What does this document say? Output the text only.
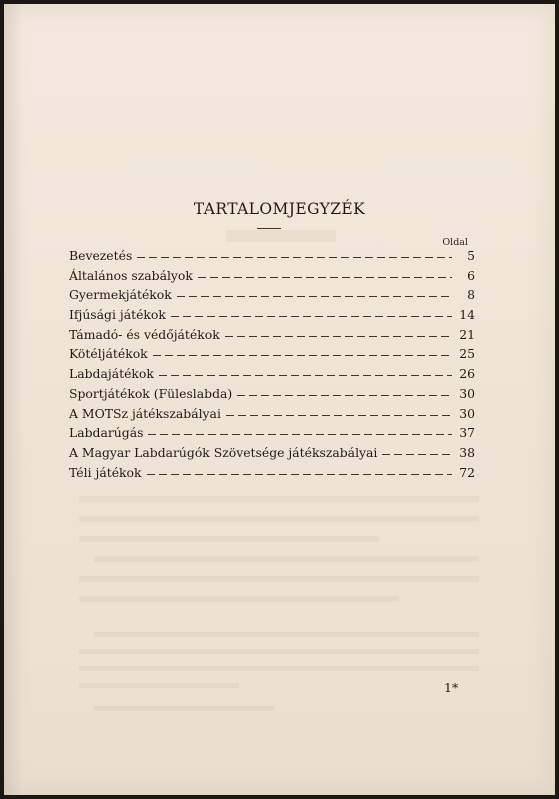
TARTALOMJEGYZÉK
Oldal
Bevezetés	5
Általános szabályok	6
Gyermekjátékok	8
Ifjúsági játékok	14
Támadó- és védőjátékok	21
Kötéljátékok	25
Labdajátékok	26
Sportjátékok (Füleslabda)	30
A MOTSz játékszabályai	30
Labdarúgás	37
A Magyar Labdarúgók Szövetsége játékszabályai	38
Téli játékok	72
1*
